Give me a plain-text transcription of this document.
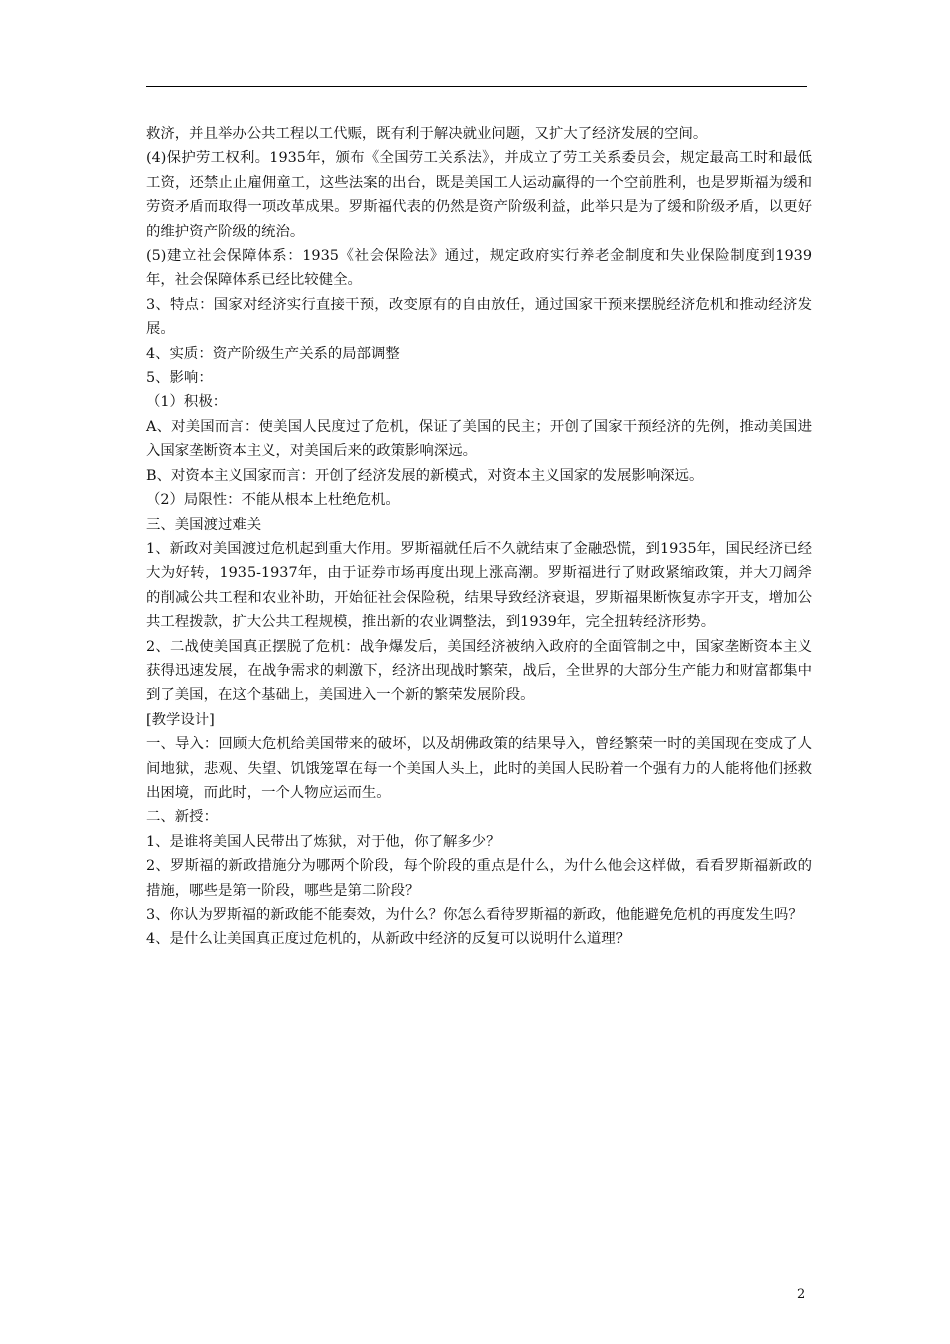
救济，并且举办公共工程以工代赈，既有利于解决就业问题，又扩大了经济发展的空间。

(4)保护劳工权利。1935年，颁布《全国劳工关系法》，并成立了劳工关系委员会，规定最高工时和最低工资，还禁止止雇佣童工，这些法案的出台，既是美国工人运动赢得的一个空前胜利，也是罗斯福为缓和劳资矛盾而取得一项改革成果。罗斯福代表的仍然是资产阶级利益，此举只是为了缓和阶级矛盾，以更好的维护资产阶级的统治。

(5)建立社会保障体系：1935《社会保险法》通过，规定政府实行养老金制度和失业保险制度到1939年，社会保障体系已经比较健全。

3、特点：国家对经济实行直接干预，改变原有的自由放任，通过国家干预来摆脱经济危机和推动经济发展。

4、实质：资产阶级生产关系的局部调整

5、影响：

（1）积极：

A、对美国而言：使美国人民度过了危机，保证了美国的民主；开创了国家干预经济的先例，推动美国进入国家垄断资本主义，对美国后来的政策影响深远。

B、对资本主义国家而言：开创了经济发展的新模式，对资本主义国家的发展影响深远。

（2）局限性：不能从根本上杜绝危机。

三、美国渡过难关

1、新政对美国渡过危机起到重大作用。罗斯福就任后不久就结束了金融恐慌，到1935年，国民经济已经大为好转，1935-1937年，由于证券市场再度出现上涨高潮。罗斯福进行了财政紧缩政策，并大刀阔斧的削减公共工程和农业补助，开始征社会保险税，结果导致经济衰退，罗斯福果断恢复赤字开支，增加公共工程拨款，扩大公共工程规模，推出新的农业调整法，到1939年，完全扭转经济形势。

2、二战使美国真正摆脱了危机：战争爆发后，美国经济被纳入政府的全面管制之中，国家垄断资本主义获得迅速发展，在战争需求的刺激下，经济出现战时繁荣，战后，全世界的大部分生产能力和财富都集中到了美国，在这个基础上，美国进入一个新的繁荣发展阶段。

[教学设计]

一、导入：回顾大危机给美国带来的破坏，以及胡佛政策的结果导入，曾经繁荣一时的美国现在变成了人间地狱，悲观、失望、饥饿笼罩在每一个美国人头上，此时的美国人民盼着一个强有力的人能将他们拯救出困境，而此时，一个人物应运而生。

二、新授：

1、是谁将美国人民带出了炼狱，对于他，你了解多少？

2、罗斯福的新政措施分为哪两个阶段，每个阶段的重点是什么，为什么他会这样做，看看罗斯福新政的措施，哪些是第一阶段，哪些是第二阶段？

3、你认为罗斯福的新政能不能奏效，为什么？你怎么看待罗斯福的新政，他能避免危机的再度发生吗？

4、是什么让美国真正度过危机的，从新政中经济的反复可以说明什么道理？

2
